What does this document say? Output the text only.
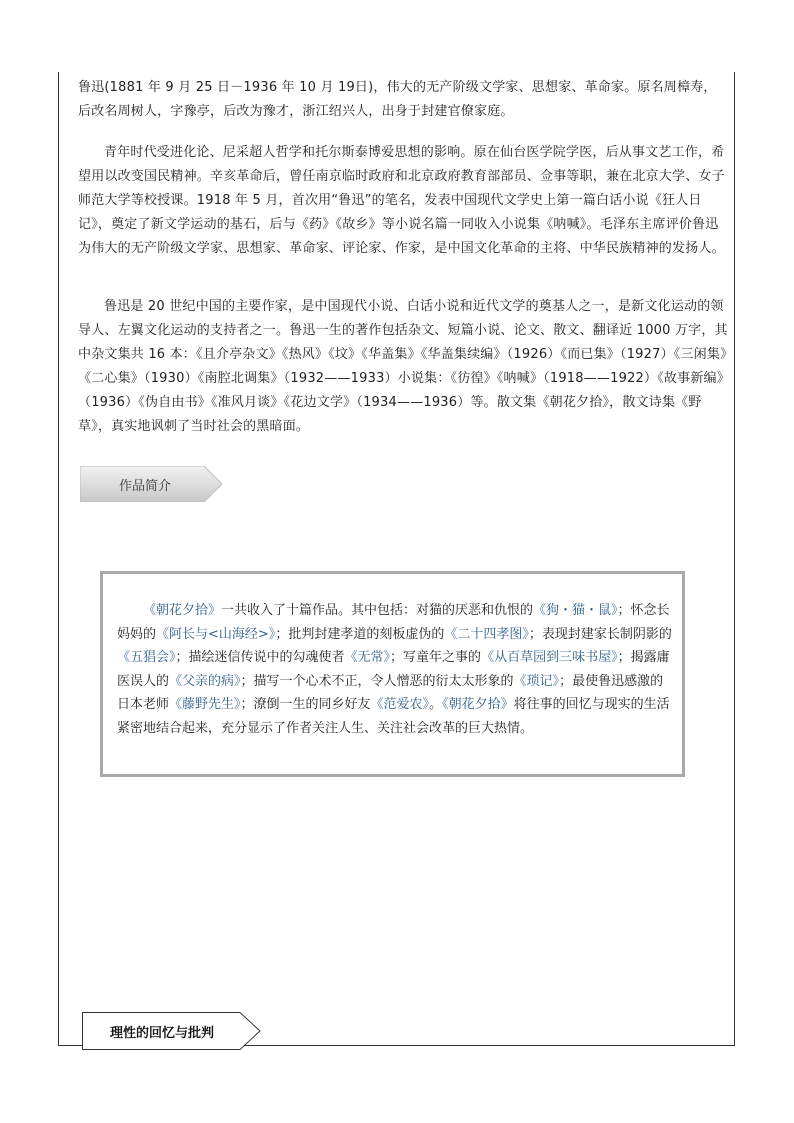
鲁迅(1881 年 9 月 25 日－1936 年 10 月 19日)，伟大的无产阶级文学家、思想家、革命家。原名周樟寿，后改名周树人，字豫亭，后改为豫才，浙江绍兴人，出身于封建官僚家庭。

青年时代受进化论、尼采超人哲学和托尔斯泰博爱思想的影响。原在仙台医学院学医，后从事文艺工作，希望用以改变国民精神。辛亥革命后，曾任南京临时政府和北京政府教育部部员、佥事等职，兼在北京大学、女子师范大学等校授课。1918 年 5 月，首次用“鲁迅”的笔名，发表中国现代文学史上第一篇白话小说《狂人日记》，奠定了新文学运动的基石，后与《药》《故乡》等小说名篇一同收入小说集《呐喊》。毛泽东主席评价鲁迅为伟大的无产阶级文学家、思想家、革命家、评论家、作家，是中国文化革命的主将、中华民族精神的发扬人。

鲁迅是 20 世纪中国的主要作家，是中国现代小说、白话小说和近代文学的奠基人之一，是新文化运动的领导人、左翼文化运动的支持者之一。鲁迅一生的著作包括杂文、短篇小说、论文、散文、翻译近 1000 万字，其中杂文集共 16 本：《且介亭杂文》《热风》《坟》《华盖集》《华盖集续编》（1926）《而已集》（1927）《三闲集》《二心集》（1930）《南腔北调集》（1932——1933）小说集：《彷徨》《呐喊》（1918——1922）《故事新编》（1936）《伪自由书》《准风月谈》《花边文学》（1934——1936）等。散文集《朝花夕拾》，散文诗集《野草》，真实地讽刺了当时社会的黑暗面。

作品简介
《朝花夕拾》一共收入了十篇作品。其中包括：对猫的厌恶和仇恨的《狗・猫・鼠》；怀念长妈妈的《阿长与<山海经>》；批判封建孝道的刻板虚伪的《二十四孝图》；表现封建家长制阴影的《五猖会》；描绘迷信传说中的勾魂使者《无常》；写童年之事的《从百草园到三味书屋》；揭露庸医误人的《父亲的病》；描写一个心术不正，令人憎恶的衍太太形象的《琐记》；最使鲁迅感激的日本老师《藤野先生》；潦倒一生的同乡好友《范爱农》。《朝花夕拾》将往事的回忆与现实的生活紧密地结合起来，充分显示了作者关注人生、关注社会改革的巨大热情。
理性的回忆与批判
